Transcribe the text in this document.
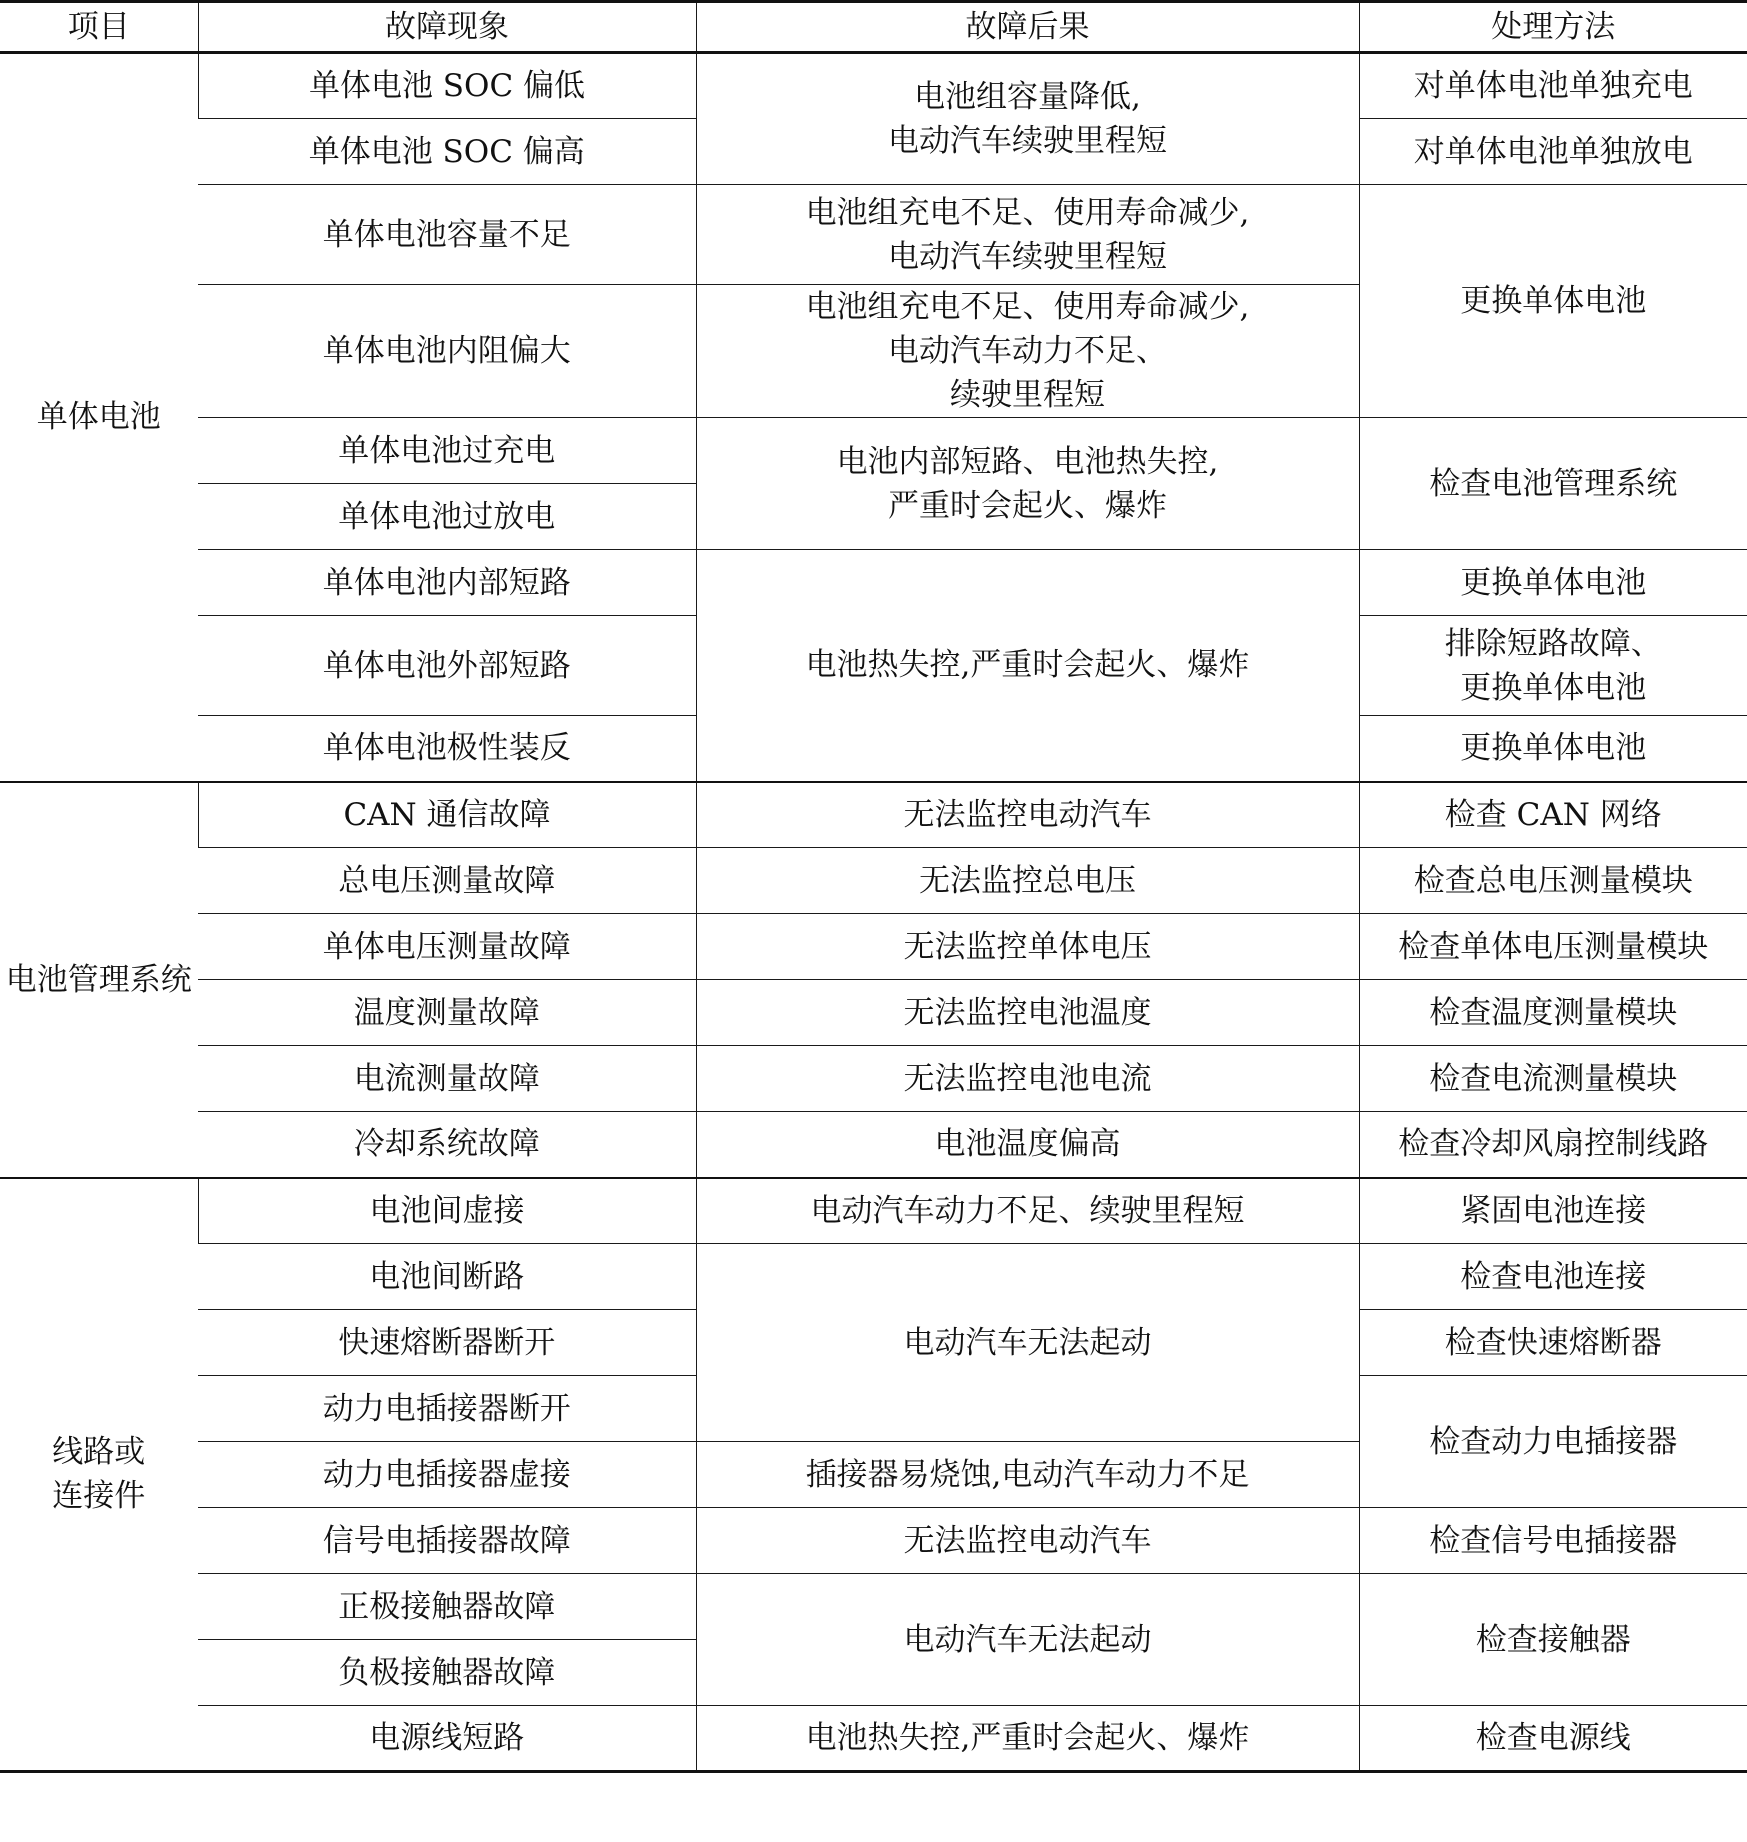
项目	故障现象	故障后果	处理方法
单体电池	单体电池 SOC 偏低	电池组容量降低,
电动汽车续驶里程短	对单体电池单独充电
	单体电池 SOC 偏高		对单体电池单独放电
	单体电池容量不足	电池组充电不足、使用寿命减少,
电动汽车续驶里程短	更换单体电池
	单体电池内阻偏大	电池组充电不足、使用寿命减少,
电动汽车动力不足、
续驶里程短	

	单体电池过充电	电池内部短路、电池热失控,
严重时会起火、爆炸	检查电池管理系统
	单体电池过放电		
	单体电池内部短路	电池热失控,严重时会起火、爆炸	更换单体电池
	单体电池外部短路		排除短路故障、
更换单体电池

	单体电池极性装反		更换单体电池
电池管理系统	CAN 通信故障	无法监控电动汽车	检查 CAN 网络
	总电压测量故障	无法监控总电压	检查总电压测量模块
	单体电压测量故障	无法监控单体电压	检查单体电压测量模块
	温度测量故障	无法监控电池温度	检查温度测量模块
	电流测量故障	无法监控电池电流	检查电流测量模块
	冷却系统故障	电池温度偏高	检查冷却风扇控制线路

线路或
连接件	电池间虚接	电动汽车动力不足、续驶里程短	紧固电池连接
	电池间断路	电动汽车无法起动	检查电池连接
	快速熔断器断开		检查快速熔断器
	动力电插接器断开		检查动力电插接器
	动力电插接器虚接	插接器易烧蚀,电动汽车动力不足	
	信号电插接器故障	无法监控电动汽车	检查信号电插接器
	正极接触器故障	电动汽车无法起动	检查接触器
	负极接触器故障		
	电源线短路	电池热失控,严重时会起火、爆炸	检查电源线
